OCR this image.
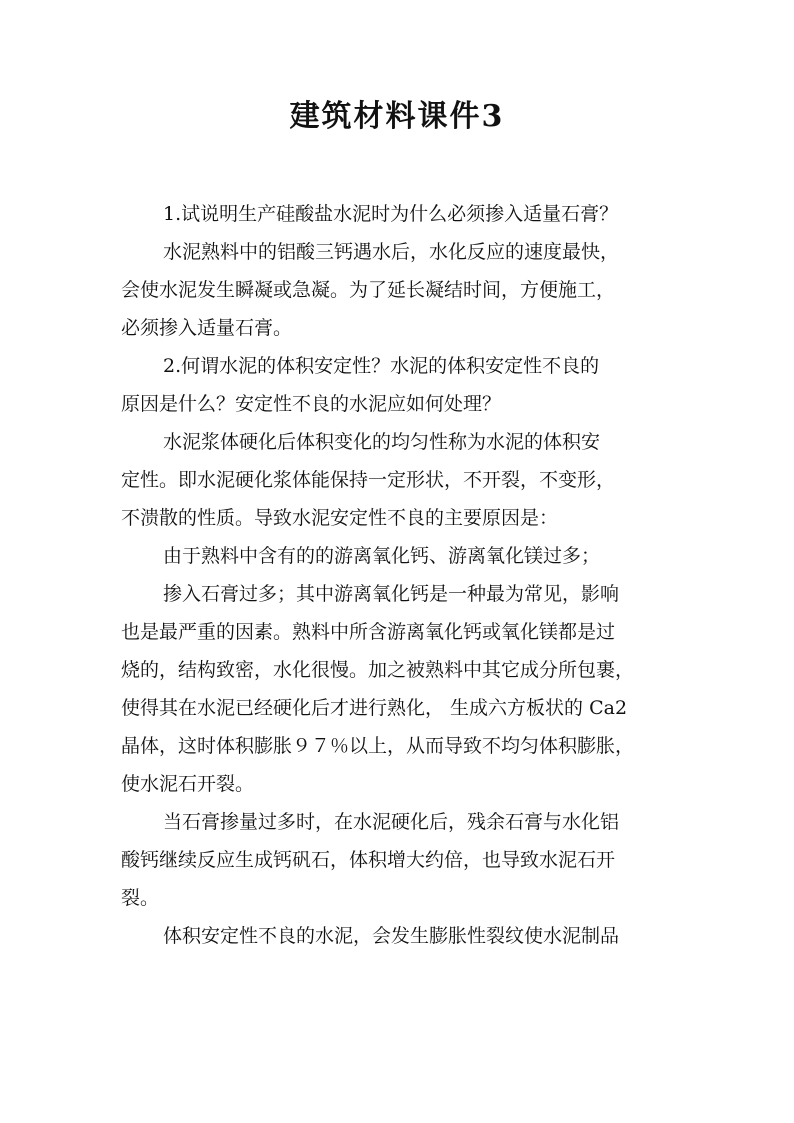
建筑材料课件3
1.试说明生产硅酸盐水泥时为什么必须掺入适量石膏？
水泥熟料中的铝酸三钙遇水后，水化反应的速度最快，
会使水泥发生瞬凝或急凝。为了延长凝结时间，方便施工，
必须掺入适量石膏。
2.何谓水泥的体积安定性？水泥的体积安定性不良的
原因是什么？安定性不良的水泥应如何处理？
水泥浆体硬化后体积变化的均匀性称为水泥的体积安
定性。即水泥硬化浆体能保持一定形状，不开裂，不变形，
不溃散的性质。导致水泥安定性不良的主要原因是：
由于熟料中含有的的游离氧化钙、游离氧化镁过多；
掺入石膏过多；其中游离氧化钙是一种最为常见，影响
也是最严重的因素。熟料中所含游离氧化钙或氧化镁都是过
烧的，结构致密，水化很慢。加之被熟料中其它成分所包裹，
使得其在水泥已经硬化后才进行熟化， 生成六方板状的 Ca2
晶体，这时体积膨胀９７％以上，从而导致不均匀体积膨胀，
使水泥石开裂。
当石膏掺量过多时，在水泥硬化后，残余石膏与水化铝
酸钙继续反应生成钙矾石，体积增大约倍，也导致水泥石开
裂。
体积安定性不良的水泥，会发生膨胀性裂纹使水泥制品
